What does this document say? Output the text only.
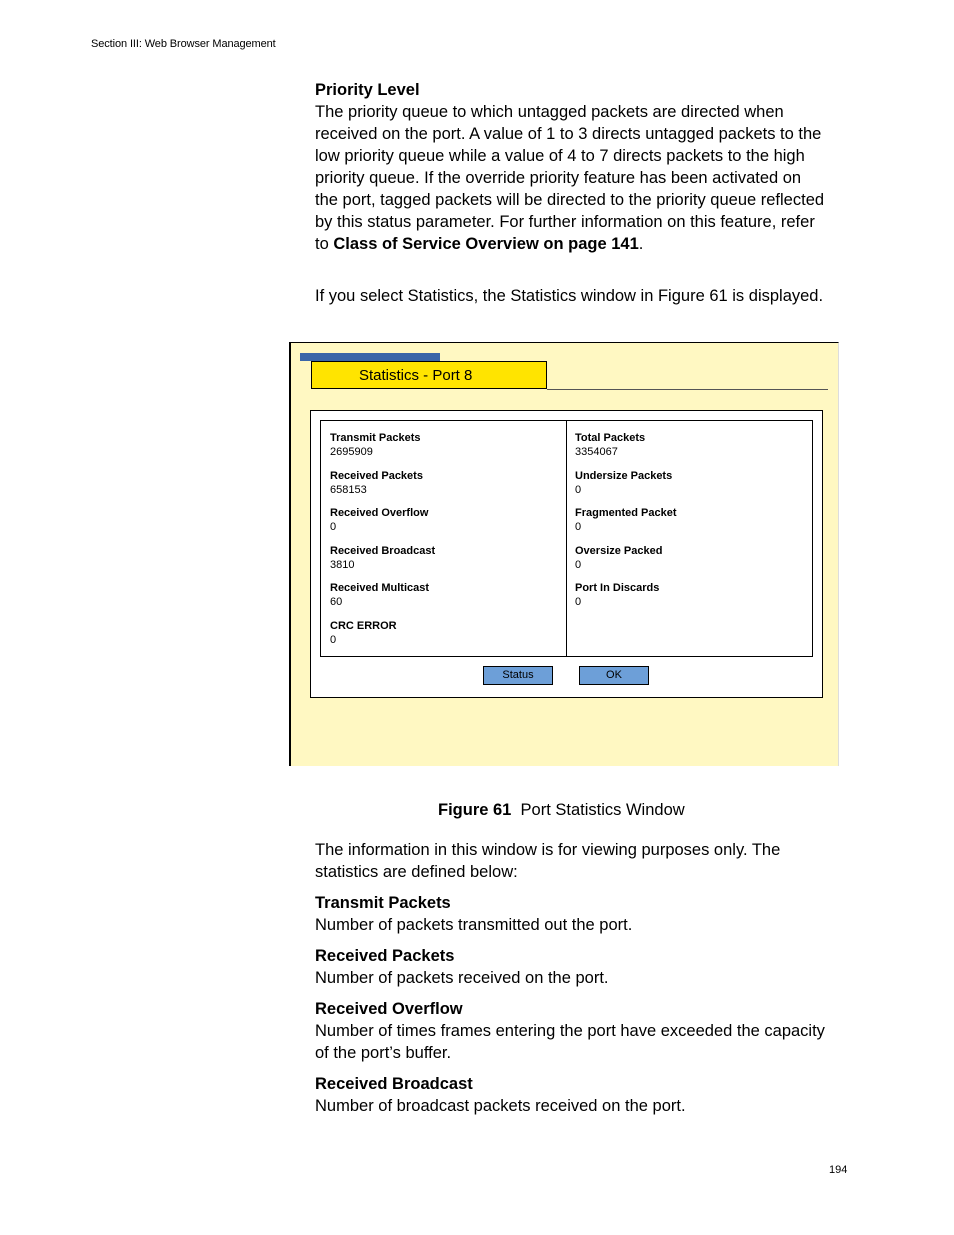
Section III: Web Browser Management

Priority Level

The priority queue to which untagged packets are directed when received on the port. A value of 1 to 3 directs untagged packets to the low priority queue while a value of 4 to 7 directs packets to the high priority queue. If the override priority feature has been activated on the port, tagged packets will be directed to the priority queue reflected by this status parameter. For further information on this feature, refer to Class of Service Overview on page 141.

If you select Statistics, the Statistics window in Figure 61 is displayed.
Statistics - Port 8
Transmit Packets
2695909
Received Packets
658153
Received Overflow
0
Received Broadcast
3810
Received Multicast
60
CRC ERROR
0
Total Packets
3354067
Undersize Packets
0
Fragmented Packet
0
Oversize Packed
0
Port In Discards
0
Status	OK
Figure 61 Port Statistics Window
The information in this window is for viewing purposes only. The statistics are defined below:

Transmit Packets

Number of packets transmitted out the port.

Received Packets

Number of packets received on the port.

Received Overflow

Number of times frames entering the port have exceeded the capacity of the port’s buffer.

Received Broadcast

Number of broadcast packets received on the port.

194
